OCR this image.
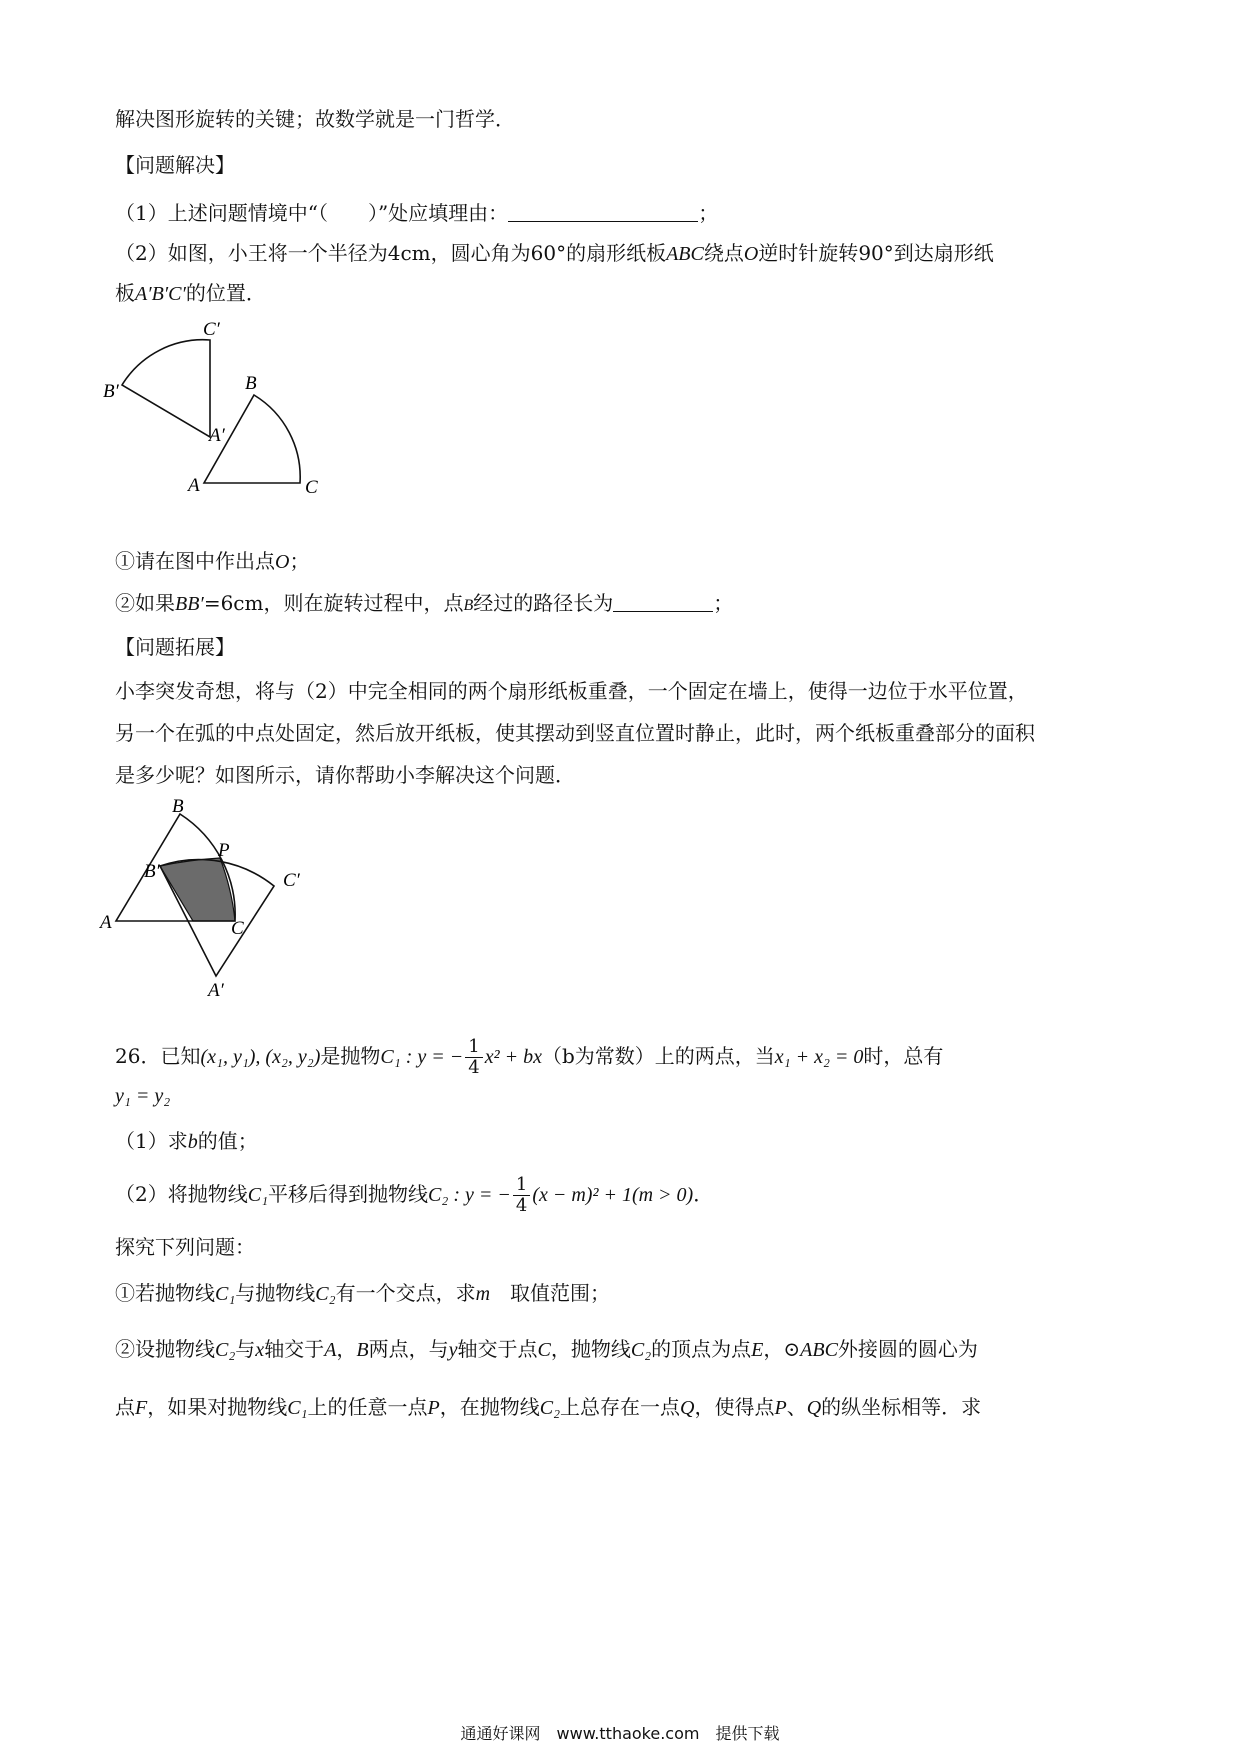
解决图形旋转的关键；故数学就是一门哲学．
【问题解决】
（1）上述问题情境中“（　　）”处应填理由：	；
（2）如图，小王将一个半径为4cm，圆心角为60°的扇形纸板ABC绕点O逆时针旋转90°到达扇形纸
板A′B′C′的位置．
C′
B′
A′
B
A	C
①请在图中作出点O；
②如果BB′=6cm，则在旋转过程中，点B经过的路径长为	；
【问题拓展】
小李突发奇想，将与（2）中完全相同的两个扇形纸板重叠，一个固定在墙上，使得一边位于水平位置，
另一个在弧的中点处固定，然后放开纸板，使其摆动到竖直位置时静止，此时，两个纸板重叠部分的面积
是多少呢？如图所示，请你帮助小李解决这个问题．
B
P
B′	C′
A	C
A′
26．已知(x₁, y₁), (x₂, y₂)是抛物C₁ : y = − $\frac{1}{4} x^2 + bx(b$为常数）上的两点，当x₁ + x₂ = 0时，总有
y₁ = y₂
（1）求b的值；
（2）将抛物线C₁平移后得到抛物线C₂ : y = − $\frac{1}{4} (x - m)^2 + 1(m > 0)$．
探究下列问题：
①若抛物线C₁与抛物线C₂有一个交点，求m　取值范围；
②设抛物线C₂与x轴交于A，B两点，与y轴交于点C，抛物线C₂的顶点为点E，⊙ABC外接圆的圆心为
点F，如果对抛物线C₁上的任意一点P，在抛物线C₂上总存在一点Q，使得点P、Q的纵坐标相等．求
通通好课网　www.tthaoke.com　提供下载
